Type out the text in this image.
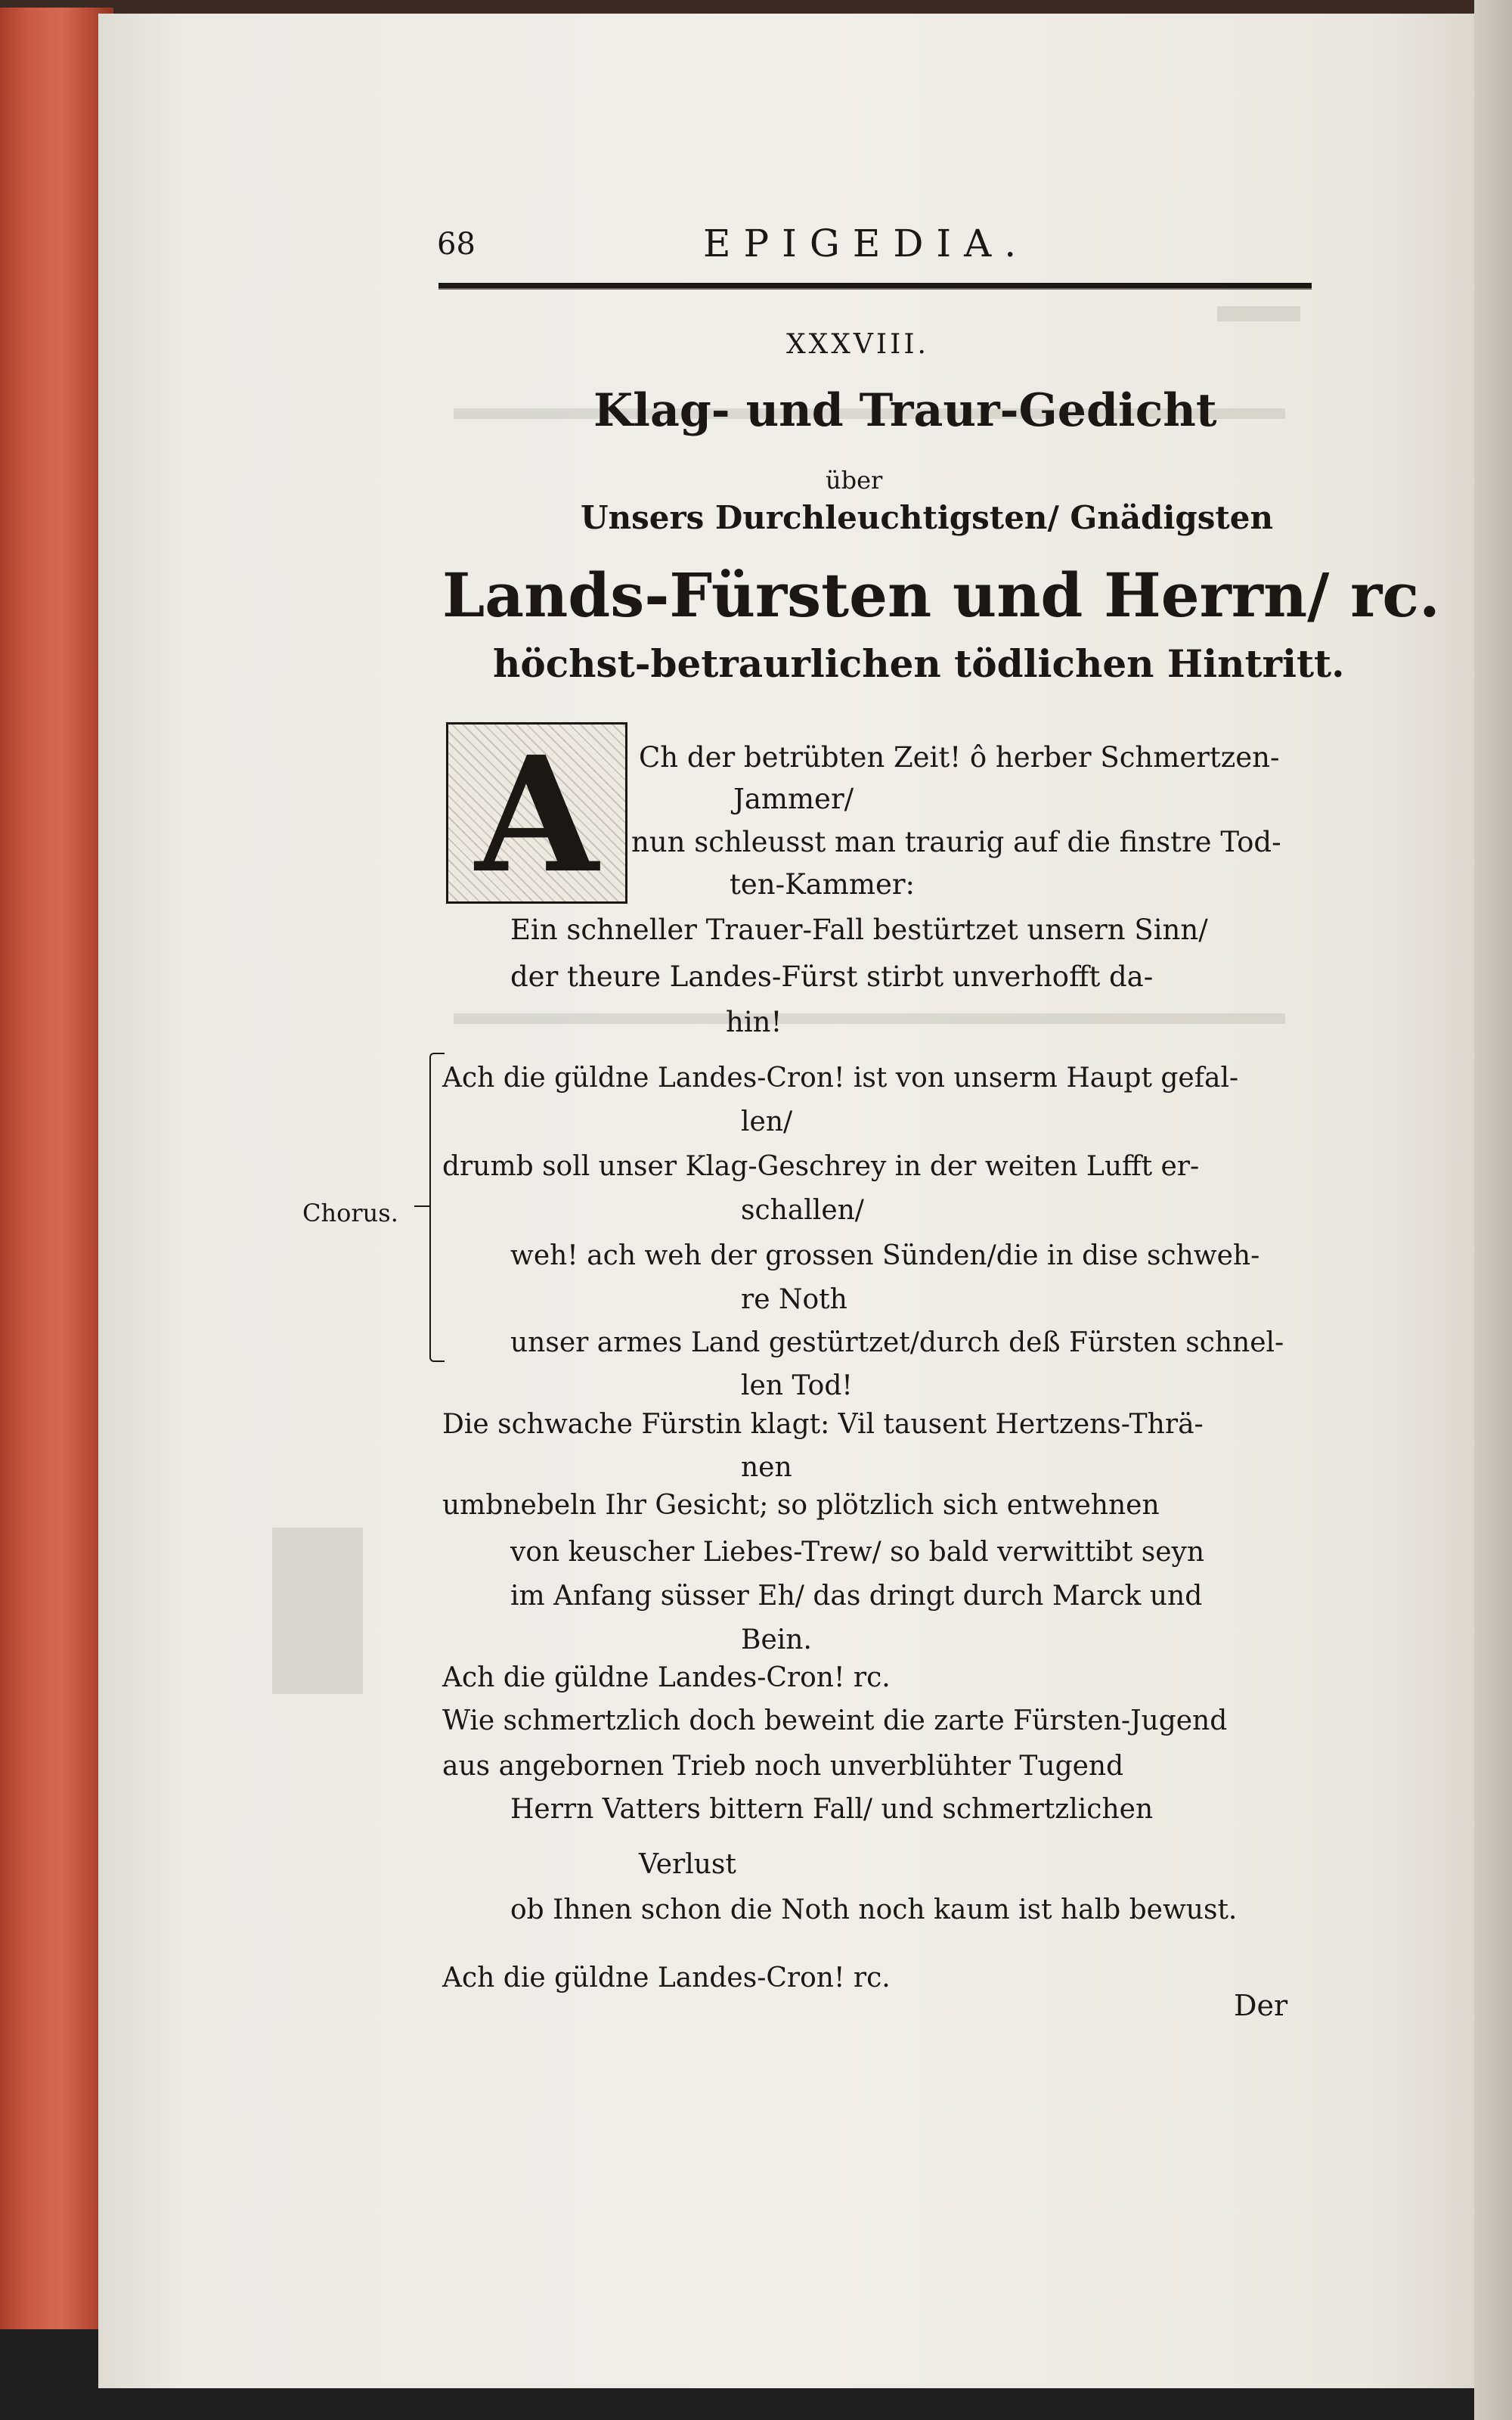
68	EPIGEDIA.
XXXVIII.
Klag- und Traur-Gedicht
über
Unsers Durchleuchtigsten/ Gnädigsten
Lands-Fürsten und Herrn/ rc.
höchst-betraurlichen tödlichen Hintritt.
A	Ch der betrübten Zeit! ô herber Schmertzen-
Jammer/
nun schleusst man traurig auf die finstre Tod-
ten-Kammer:
Ein schneller Trauer-Fall bestürtzet unsern Sinn/
der theure Landes-Fürst stirbt unverhofft da-
hin!
Chorus.
Ach die güldne Landes-Cron! ist von unserm Haupt gefal-
len/
drumb soll unser Klag-Geschrey in der weiten Lufft er-
schallen/
weh! ach weh der grossen Sünden/die in dise schweh-
re Noth
unser armes Land gestürtzet/durch deß Fürsten schnel-
len Tod!
Die schwache Fürstin klagt: Vil tausent Hertzens-Thrä-
nen
umbnebeln Ihr Gesicht; so plötzlich sich entwehnen
von keuscher Liebes-Trew/ so bald verwittibt seyn
im Anfang süsser Eh/ das dringt durch Marck und
Bein.
Ach die güldne Landes-Cron! rc.
Wie schmertzlich doch beweint die zarte Fürsten-Jugend
aus angebornen Trieb noch unverblühter Tugend
Herrn Vatters bittern Fall/ und schmertzlichen
Verlust
ob Ihnen schon die Noth noch kaum ist halb bewust.
Ach die güldne Landes-Cron! rc.
Der
